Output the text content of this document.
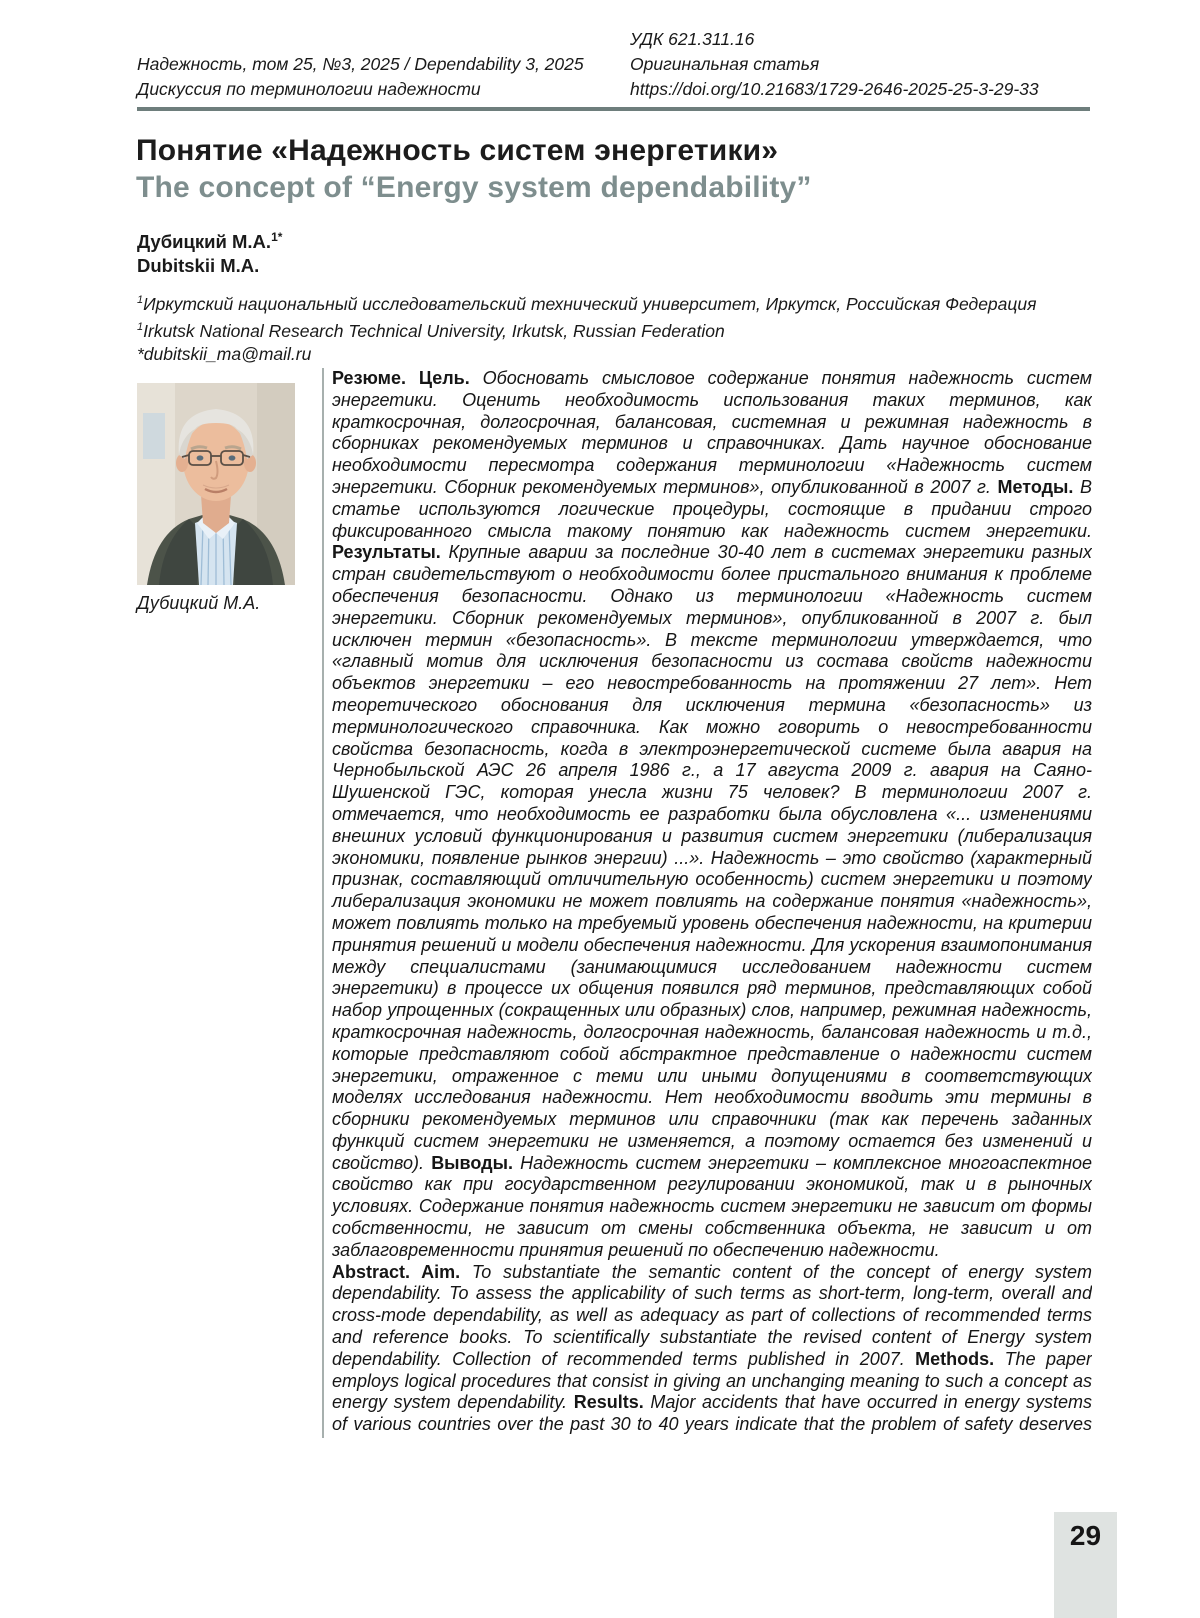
Надежность, том 25, №3, 2025 / Dependability 3, 2025
Дискуссия по терминологии надежности
УДК 621.311.16
Оригинальная статья
https://doi.org/10.21683/1729-2646-2025-25-3-29-33
Понятие «Надежность систем энергетики»
The concept of “Energy system dependability”
Дубицкий М.А.$^{1*}$
Dubitskii M.A.
$^1$Иркутский национальный исследовательский технический университет, Иркутск, Российская Федерация
$^1$Irkutsk National Research Technical University, Irkutsk, Russian Federation
*dubitskii_ma@mail.ru
Дубицкий М.А.

Резюме. Цель. Обосновать смысловое содержание понятия надежность систем энергетики. Оценить необходимость использования таких терминов, как краткосрочная, долгосрочная, балансовая, системная и режимная надежность в сборниках рекомендуемых терминов и справочниках. Дать научное обоснование необходимости пересмотра содержания терминологии «Надежность систем энергетики. Сборник рекомендуемых терминов», опубликованной в 2007 г. Методы. В статье используются логические процедуры, состоящие в придании строго фиксированного смысла такому понятию как надежность систем энергетики. Результаты. Крупные аварии за последние 30-40 лет в системах энергетики разных стран свидетельствуют о необходимости более пристального внимания к проблеме обеспечения безопасности. Однако из терминологии «Надежность систем энергетики. Сборник рекомендуемых терминов», опубликованной в 2007 г. был исключен термин «безопасность». В тексте терминологии утверждается, что «главный мотив для исключения безопасности из состава свойств надежности объектов энергетики – его невостребованность на протяжении 27 лет». Нет теоретического обоснования для исключения термина «безопасность» из терминологического справочника. Как можно говорить о невостребованности свойства безопасность, когда в электроэнергетической системе была авария на Чернобыльской АЭС 26 апреля 1986 г., а 17 августа 2009 г. авария на Саяно-Шушенской ГЭС, которая унесла жизни 75 человек? В терминологии 2007 г. отмечается, что необходимость ее разработки была обусловлена «... изменениями внешних условий функционирования и развития систем энергетики (либерализация экономики, появление рынков энергии) ...». Надежность – это свойство (характерный признак, составляющий отличительную особенность) систем энергетики и поэтому либерализация экономики не может повлиять на содержание понятия «надежность», может повлиять только на требуемый уровень обеспечения надежности, на критерии принятия решений и модели обеспечения надежности. Для ускорения взаимопонимания между специалистами (занимающимися исследованием надежности систем энергетики) в процессе их общения появился ряд терминов, представляющих собой набор упрощенных (сокращенных или образных) слов, например, режимная надежность, краткосрочная надежность, долгосрочная надежность, балансовая надежность и т.д., которые представляют собой абстрактное представление о надежности систем энергетики, отраженное с теми или иными допущениями в соответствующих моделях исследования надежности. Нет необходимости вводить эти термины в сборники рекомендуемых терминов или справочники (так как перечень заданных функций систем энергетики не изменяется, а поэтому остается без изменений и свойство). Выводы. Надежность систем энергетики – комплексное многоаспектное свойство как при государственном регулировании экономикой, так и в рыночных условиях. Содержание понятия надежность систем энергетики не зависит от формы собственности, не зависит от смены собственника объекта, не зависит и от заблаговременности принятия решений по обеспечению надежности.

Abstract. Aim. To substantiate the semantic content of the concept of energy system dependability. To assess the applicability of such terms as short-term, long-term, overall and cross-mode dependability, as well as adequacy as part of collections of recommended terms and reference books. To scientifically substantiate the revised content of Energy system dependability. Collection of recommended terms published in 2007. Methods. The paper employs logical procedures that consist in giving an unchanging meaning to such a concept as energy system dependability. Results. Major accidents that have occurred in energy systems of various countries over the past 30 to 40 years indicate that the problem of safety deserves

29
